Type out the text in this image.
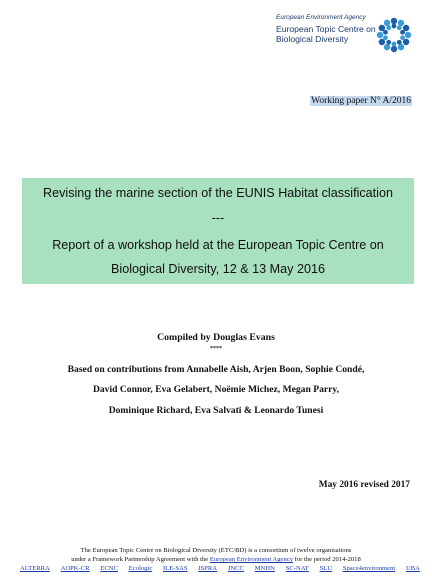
European Environment Agency
European Topic Centre on
Biological Diversity
Working paper N° A/2016
Revising the marine section of the EUNIS Habitat classification
---
Report of a workshop held at the European Topic Centre on
Biological Diversity, 12 & 13 May 2016
Compiled by Douglas Evans
****
Based on contributions from Annabelle Aish, Arjen Boon, Sophie Condé,
David Connor, Eva Gelabert, Noëmie Michez, Megan Parry,
Dominique Richard, Eva Salvati & Leonardo Tunesi
May 2016 revised 2017
The European Topic Centre on Biological Diversity (ETC/BD) is a consortium of twelve organisations
under a Framework Partnership Agreement with the European Environment Agency for the period 2014-2018
ALTERRA AOPK-CR ECNC Ecologic ILE-SAS ISPRA JNCC MNHN SC-NAT SLU Space4environment UBA
